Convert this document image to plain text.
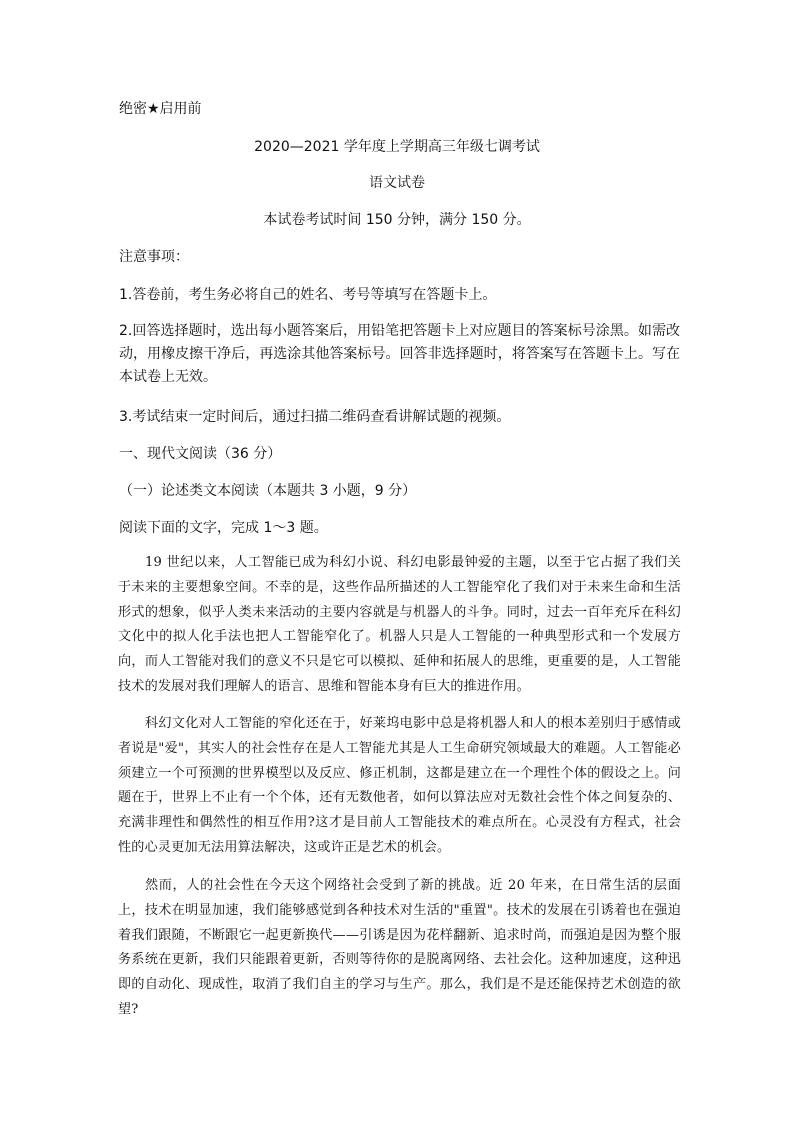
绝密★启用前
2020—2021 学年度上学期高三年级七调考试
语文试卷
本试卷考试时间 150 分钟，满分 150 分。
注意事项：
1.答卷前，考生务必将自己的姓名、考号等填写在答题卡上。

2.回答选择题时，选出每小题答案后，用铅笔把答题卡上对应题目的答案标号涂黑。如需改动，用橡皮擦干净后，再选涂其他答案标号。回答非选择题时，将答案写在答题卡上。写在本试卷上无效。

3.考试结束一定时间后，通过扫描二维码查看讲解试题的视频。
一、现代文阅读（36 分）
（一）论述类文本阅读（本题共 3 小题，9 分）
阅读下面的文字，完成 1～3 题。

19 世纪以来，人工智能已成为科幻小说、科幻电影最钟爱的主题，以至于它占据了我们关于未来的主要想象空间。不幸的是，这些作品所描述的人工智能窄化了我们对于未来生命和生活形式的想象，似乎人类未来活动的主要内容就是与机器人的斗争。同时，过去一百年充斥在科幻文化中的拟人化手法也把人工智能窄化了。机器人只是人工智能的一种典型形式和一个发展方向，而人工智能对我们的意义不只是它可以模拟、延伸和拓展人的思维，更重要的是，人工智能技术的发展对我们理解人的语言、思维和智能本身有巨大的推进作用。

科幻文化对人工智能的窄化还在于，好莱坞电影中总是将机器人和人的根本差别归于感情或者说是"爱"，其实人的社会性存在是人工智能尤其是人工生命研究领域最大的难题。人工智能必须建立一个可预测的世界模型以及反应、修正机制，这都是建立在一个理性个体的假设之上。问题在于，世界上不止有一个个体，还有无数他者，如何以算法应对无数社会性个体之间复杂的、充满非理性和偶然性的相互作用?这才是目前人工智能技术的难点所在。心灵没有方程式，社会性的心灵更加无法用算法解决，这或许正是艺术的机会。

然而，人的社会性在今天这个网络社会受到了新的挑战。近 20 年来，在日常生活的层面上，技术在明显加速，我们能够感觉到各种技术对生活的"重置"。技术的发展在引诱着也在强迫着我们跟随，不断跟它一起更新换代——引诱是因为花样翻新、追求时尚，而强迫是因为整个服务系统在更新，我们只能跟着更新，否则等待你的是脱离网络、去社会化。这种加速度，这种迅即的自动化、现成性，取消了我们自主的学习与生产。那么，我们是不是还能保持艺术创造的欲望?
